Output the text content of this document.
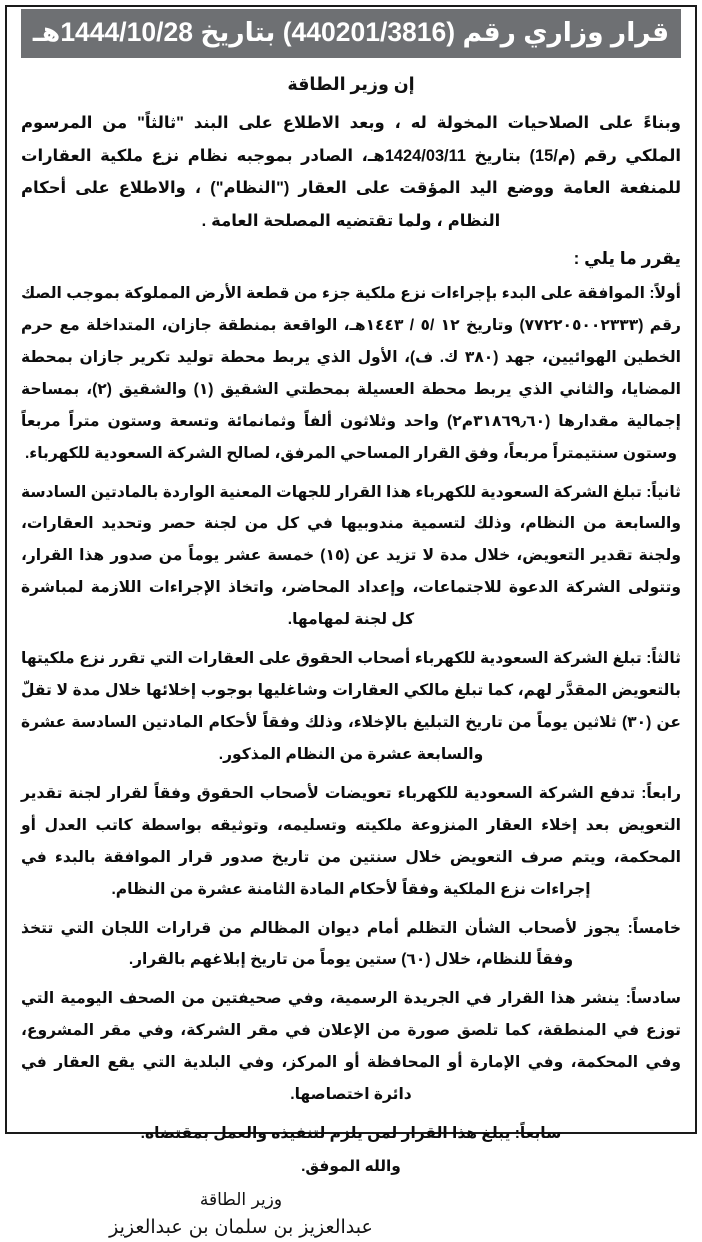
قرار وزاري رقم (440201/3816) بتاريخ 1444/10/28هـ
إن وزير الطاقة

وبناءً على الصلاحيات المخولة له ، وبعد الاطلاع على البند "ثالثاً" من المرسوم الملكي رقم (م/15) بتاريخ 1424/03/11هـ، الصادر بموجبه نظام نزع ملكية العقارات للمنفعة العامة ووضع اليد المؤقت على العقار ("النظام") ، والاطلاع على أحكام النظام ، ولما تقتضيه المصلحة العامة .

يقرر ما يلي :

أولاً: الموافقة على البدء بإجراءات نزع ملكية جزء من قطعة الأرض المملوكة بموجب الصك رقم (٧٧٢٢٠٥٠٠٢٣٣٣) وتاريخ ١٢ /٥ / ١٤٤٣هـ، الواقعة بمنطقة جازان، المتداخلة مع حرم الخطين الهوائيين، جهد (٣٨٠ ك. ف)، الأول الذي يربط محطة توليد تكرير جازان بمحطة المضايا، والثاني الذي يربط محطة العسيلة بمحطتي الشقيق (١) والشقيق (٢)، بمساحة إجمالية مقدارها (٣١٨٦٩٫٦٠م٢) واحد وثلاثون ألفاً وثمانمائة وتسعة وستون متراً مربعاً وستون سنتيمتراً مربعاً، وفق القرار المساحي المرفق، لصالح الشركة السعودية للكهرباء.

ثانياً: تبلغ الشركة السعودية للكهرباء هذا القرار للجهات المعنية الواردة بالمادتين السادسة والسابعة من النظام، وذلك لتسمية مندوبيها في كل من لجنة حصر وتحديد العقارات، ولجنة تقدير التعويض، خلال مدة لا تزيد عن (١٥) خمسة عشر يوماً من صدور هذا القرار، وتتولى الشركة الدعوة للاجتماعات، وإعداد المحاضر، واتخاذ الإجراءات اللازمة لمباشرة كل لجنة لمهامها.

ثالثاً: تبلغ الشركة السعودية للكهرباء أصحاب الحقوق على العقارات التي تقرر نزع ملكيتها بالتعويض المقدَّر لهم، كما تبلغ مالكي العقارات وشاغليها بوجوب إخلائها خلال مدة لا تقلّ عن (٣٠) ثلاثين يوماً من تاريخ التبليغ بالإخلاء، وذلك وفقاً لأحكام المادتين السادسة عشرة والسابعة عشرة من النظام المذكور.

رابعاً: تدفع الشركة السعودية للكهرباء تعويضات لأصحاب الحقوق وفقاً لقرار لجنة تقدير التعويض بعد إخلاء العقار المنزوعة ملكيته وتسليمه، وتوثيقه بواسطة كاتب العدل أو المحكمة، ويتم صرف التعويض خلال سنتين من تاريخ صدور قرار الموافقة بالبدء في إجراءات نزع الملكية وفقاً لأحكام المادة الثامنة عشرة من النظام.

خامساً: يجوز لأصحاب الشأن التظلم أمام ديوان المظالم من قرارات اللجان التي تتخذ وفقاً للنظام، خلال (٦٠) ستين يوماً من تاريخ إبلاغهم بالقرار.

سادساً: ينشر هذا القرار في الجريدة الرسمية، وفي صحيفتين من الصحف اليومية التي توزع في المنطقة، كما تلصق صورة من الإعلان في مقر الشركة، وفي مقر المشروع، وفي المحكمة، وفي الإمارة أو المحافظة أو المركز، وفي البلدية التي يقع العقار في دائرة اختصاصها.

سابعاً: يبلغ هذا القرار لمن يلزم لتنفيذه والعمل بمقتضاه.

والله الموفق.
وزير الطاقة
عبدالعزيز بن سلمان بن عبدالعزيز
